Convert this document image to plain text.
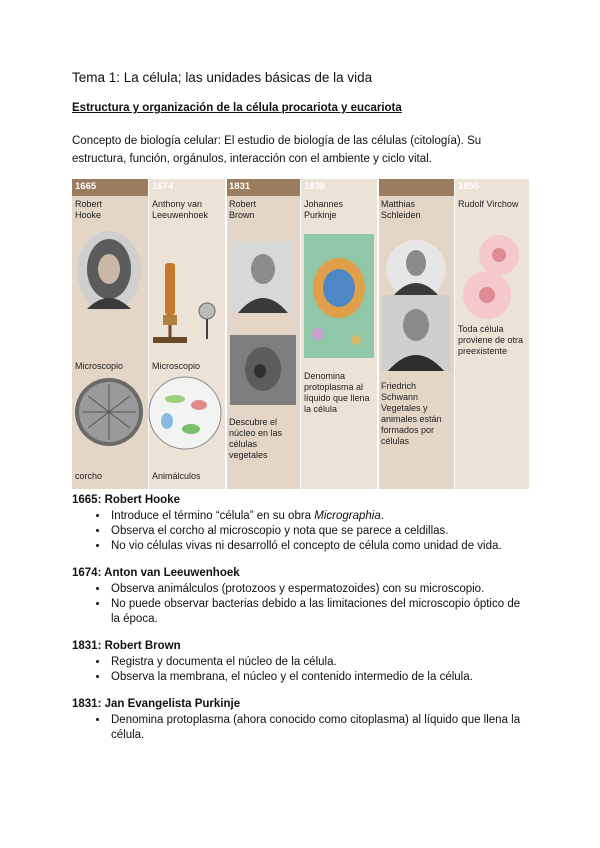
Tema 1: La célula; las unidades básicas de la vida
Estructura y organización de la célula procariota y eucariota
Concepto de biología celular: El estudio de biología de las células (citología). Su estructura, función, orgánulos, interacción con el ambiente y ciclo vital.
1665
Robert
Hooke
Microscopio
corcho
1674
Anthony van
Leeuwenhoek
Microscopio
Animálculos
1831
Robert
Brown
Descubre el núcleo en las células vegetales
1838
Johannes
Purkinje
Denomina protoplasma al líquido que llena la célula
Matthias
Schleiden
Friedrich Schwann Vegetales y animales están formados por células
1855
Rudolf Virchow

Toda célula proviene de otra preexistente
1665: Robert Hooke
• Introduce el término “célula” en su obra Micrographia.
• Observa el corcho al microscopio y nota que se parece a celdillas.
• No vio células vivas ni desarrolló el concepto de célula como unidad de vida.
1674: Anton van Leeuwenhoek
• Observa animálculos (protozoos y espermatozoides) con su microscopio.
• No puede observar bacterias debido a las limitaciones del microscopio óptico de la época.
1831: Robert Brown
• Registra y documenta el núcleo de la célula.
• Observa la membrana, el núcleo y el contenido intermedio de la célula.
1831: Jan Evangelista Purkinje
• Denomina protoplasma (ahora conocido como citoplasma) al líquido que llena la célula.
